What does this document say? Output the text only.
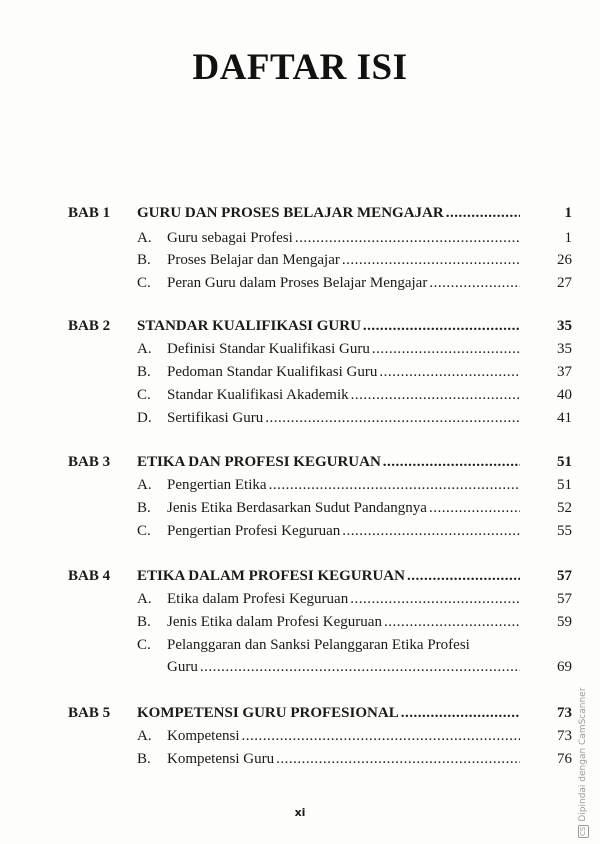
DAFTAR ISI
BAB 1	GURU DAN PROSES BELAJAR MENGAJAR .....	1
A.	Guru sebagai Profesi .....	1
B.	Proses Belajar dan Mengajar .....	26
C.	Peran Guru dalam Proses Belajar Mengajar .....	27
BAB 2	STANDAR KUALIFIKASI GURU .....	35
A.	Definisi Standar Kualifikasi Guru .....	35
B.	Pedoman Standar Kualifikasi Guru .....	37
C.	Standar Kualifikasi Akademik .....	40
D.	Sertifikasi Guru .....	41
BAB 3	ETIKA DAN PROFESI KEGURUAN .....	51
A.	Pengertian Etika .....	51
B.	Jenis Etika Berdasarkan Sudut Pandangnya .....	52
C.	Pengertian Profesi Keguruan .....	55
BAB 4	ETIKA DALAM PROFESI KEGURUAN .....	57
A.	Etika dalam Profesi Keguruan .....	57
B.	Jenis Etika dalam Profesi Keguruan .....	59
C.	Pelanggaran dan Sanksi Pelanggaran Etika Profesi
Guru .....	69
BAB 5	KOMPETENSI GURU PROFESIONAL .....	73
A.	Kompetensi .....	73
B.	Kompetensi Guru .....	76
xi
CSDipindai dengan CamScanner
